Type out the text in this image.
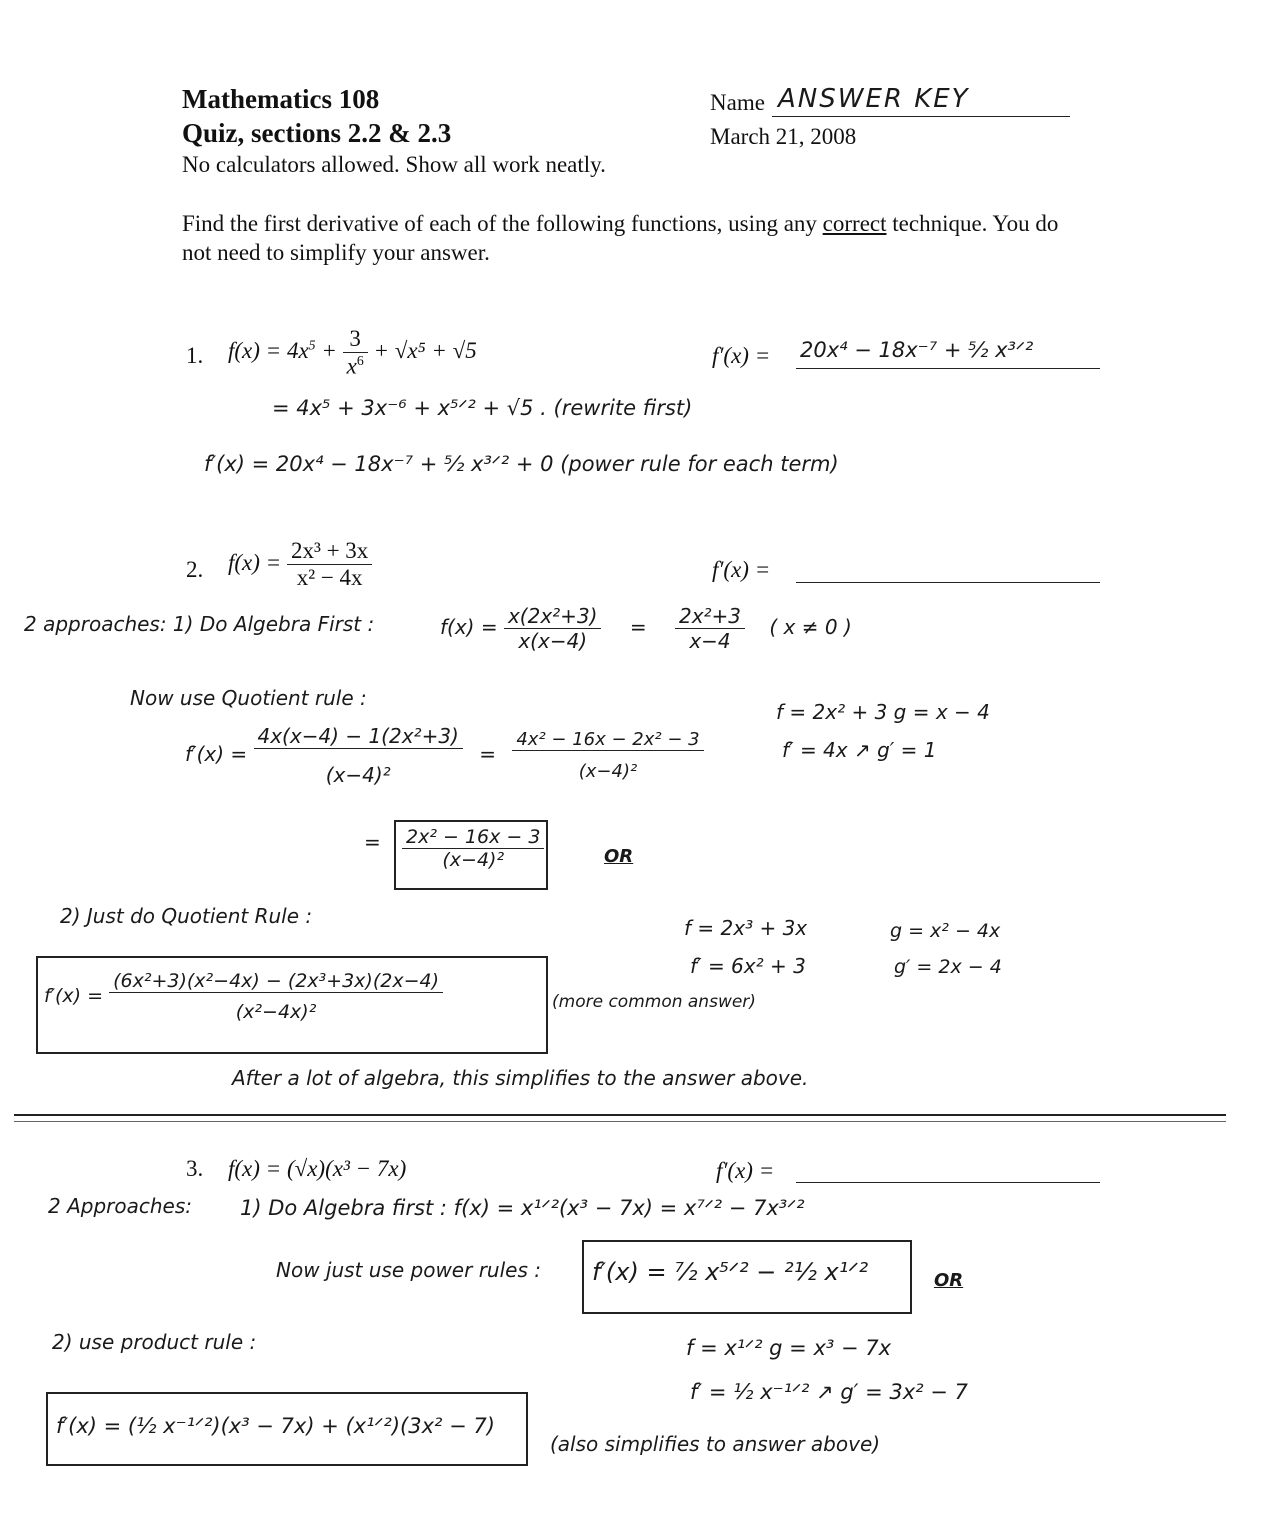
Mathematics 108
Quiz, sections 2.2 & 2.3
No calculators allowed. Show all work neatly.
Name ANSWER KEY
March 21, 2008
Find the first derivative of each of the following functions, using any correct technique. You do
not need to simplify your answer.
1. $f(x) = 4x^5 + \frac{3}{x^6} + √x^5 + √5$	f′(x) = 20x⁴ − 18x⁻⁷ + ⁵⁄₂ x³ᐟ²
= 4x⁵ + 3x⁻⁶ + x⁵ᐟ² + √5 . (rewrite first)
f′(x) = 20x⁴ − 18x⁻⁷ + ⁵⁄₂ x³ᐟ² + 0 (power rule for each term)
2. $f(x) = \frac{\text{2x³ + 3x}}{\text{x² − 4x}}$	f′(x) =
2 approaches: 1) Do Algebra First :	$f(x) = \frac{\text{x(2x²+3)}}{x(x-4)} = \frac{\text{2x²+3}}{x-4}$ ( x ≠ 0 )
Now use Quotient rule :
$f'(x) = \frac{\text{4x(x−4) − 1(2x²+3)}}{\text{(x−4)²}} = \frac{\text{4x² − 16x − 2x² − 3}}{\text{(x−4)²}}$
f = 2x² + 3 g = x − 4
f′ = 4x ↗ g′ = 1
= $\frac{\text{2x² − 16x − 3}}{\text{(x−4)²}}$	OR
2) Just do Quotient Rule :	f = 2x³ + 3x
f′ = 6x² + 3
g = x² − 4x
g′ = 2x − 4
$f'(x) = \frac{\text{(6x²+3)(x²−4x) − (2x³+3x)(2x−4)}}{\text{(x²−4x)²}}$	(more common answer)
After a lot of algebra, this simplifies to the answer above.
3. f(x) = (√x)(x³ − 7x)	f′(x) =
2 Approaches: 1) Do Algebra first : f(x) = x¹ᐟ²(x³ − 7x) = x⁷ᐟ² − 7x³ᐟ²
Now just use power rules : f′(x) = ⁷⁄₂ x⁵ᐟ² − ²¹⁄₂ x¹ᐟ²	OR
2) use product rule :	f = x¹ᐟ² g = x³ − 7x
f′ = ½ x⁻¹ᐟ² ↗ g′ = 3x² − 7
f′(x) = (½ x⁻¹ᐟ²)(x³ − 7x) + (x¹ᐟ²)(3x² − 7)
(also simplifies to answer above)
